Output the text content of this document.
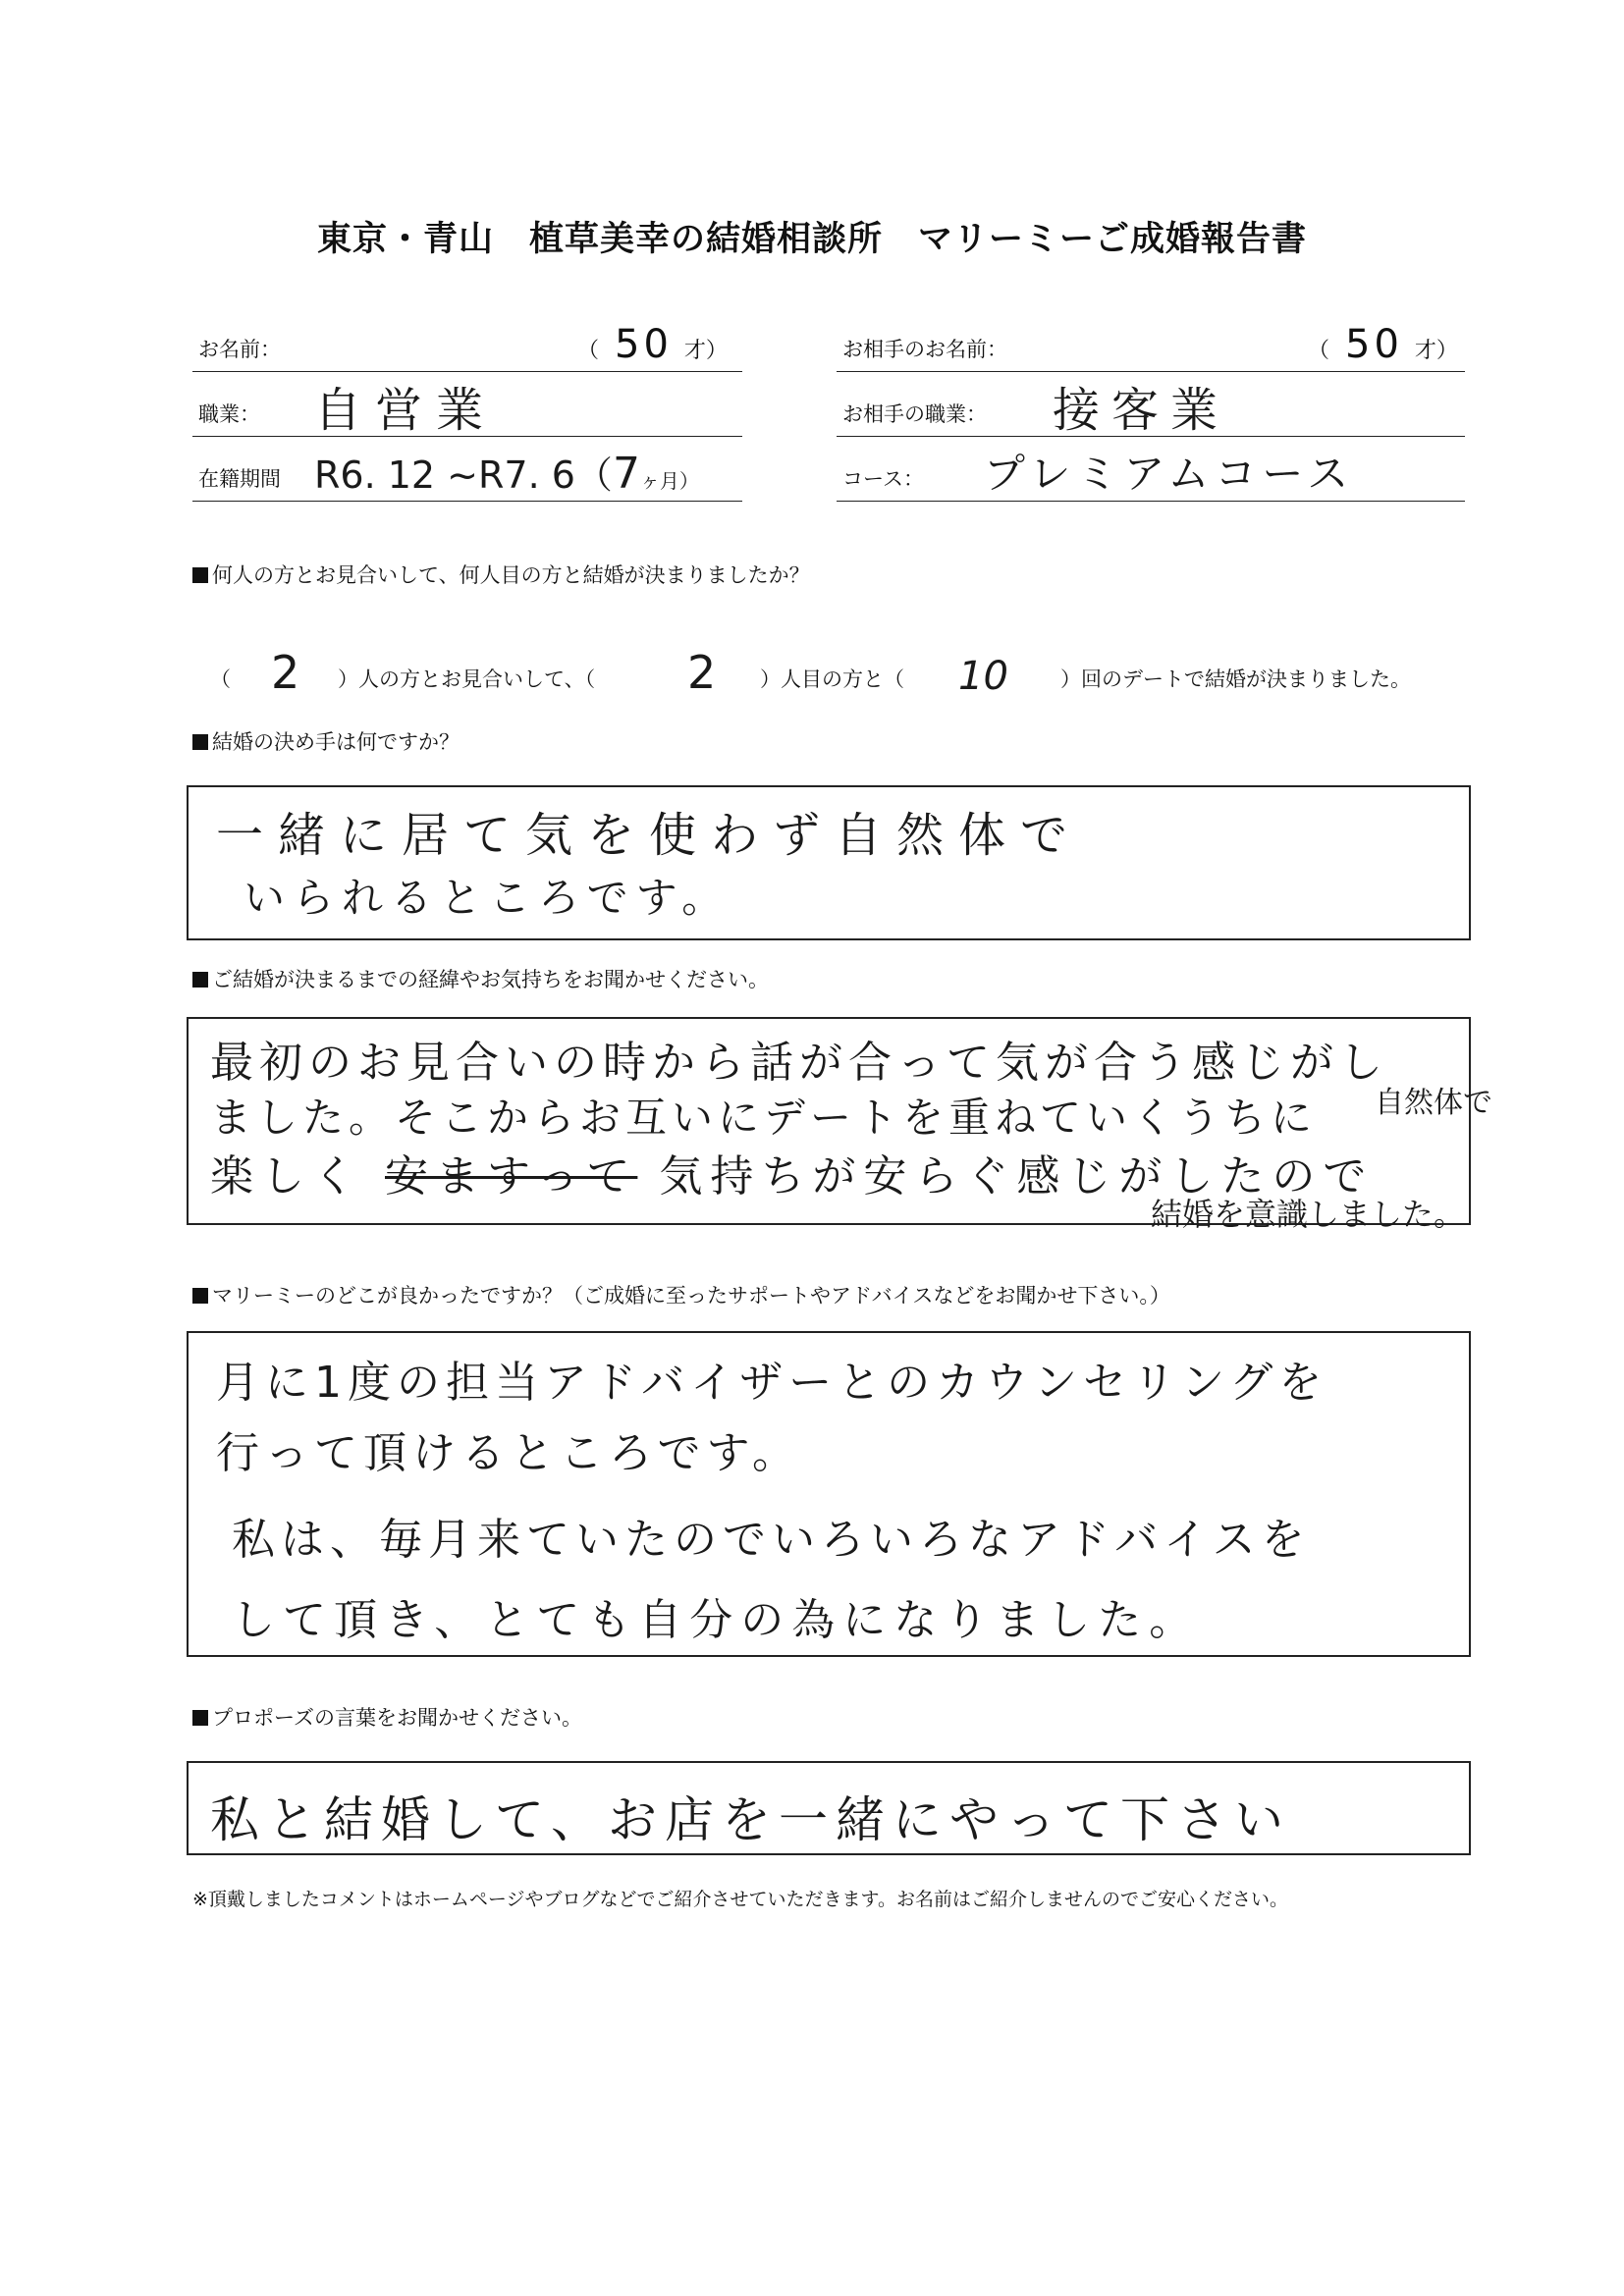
東京・青山　植草美幸の結婚相談所　マリーミーご成婚報告書
お名前：	（ 50 才）
職業： 自営業
在籍期間 R6. 12 ~R7. 6（7ヶ月）
お相手のお名前：	（ 50 才）
お相手の職業： 接客業
コース： プレミアムコース
何人の方とお見合いして、何人目の方と結婚が決まりましたか？
（ 2 ）人の方とお見合いして、（ 2 ）人目の方と（ 10	）回のデートで結婚が決まりました。
結婚の決め手は何ですか？
一緒に居て気を使わず自然体で
いられるところです。
ご結婚が決まるまでの経緯やお気持ちをお聞かせください。
最初のお見合いの時から話が合って気が合う感じがし
ました。そこからお互いにデートを重ねていくうちに 自然体で
楽しく 安ますって 気持ちが安らぐ感じがしたので
結婚を意識しました。
マリーミーのどこが良かったですか？（ご成婚に至ったサポートやアドバイスなどをお聞かせ下さい。）
月に1度の担当アドバイザーとのカウンセリングを
行って頂けるところです。
私は、毎月来ていたのでいろいろなアドバイスを
して頂き、とても自分の為になりました。
プロポーズの言葉をお聞かせください。
私と結婚して、お店を一緒にやって下さい
※頂戴しましたコメントはホームページやブログなどでご紹介させていただきます。お名前はご紹介しませんのでご安心ください。
